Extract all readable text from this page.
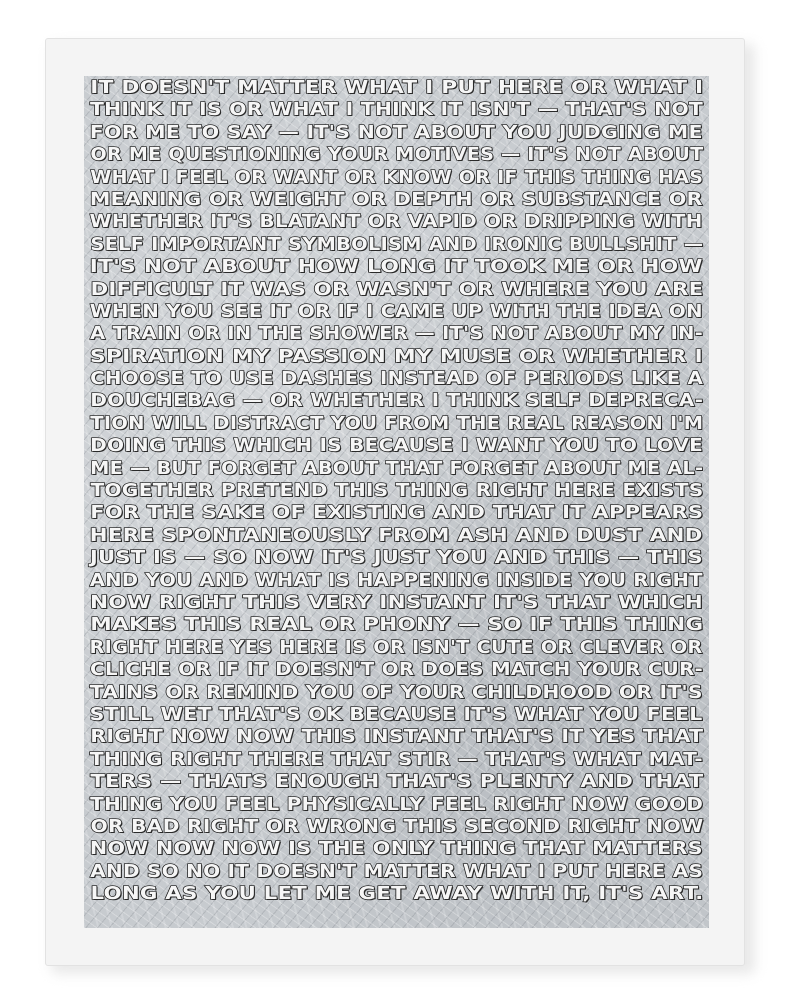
IT DOESN'T MATTER WHAT I PUT HERE OR WHAT I
THINK IT IS OR WHAT I THINK IT ISN'T — THAT'S NOT
FOR ME TO SAY — IT'S NOT ABOUT YOU JUDGING ME
OR ME QUESTIONING YOUR MOTIVES — IT'S NOT ABOUT
WHAT I FEEL OR WANT OR KNOW OR IF THIS THING HAS
MEANING OR WEIGHT OR DEPTH OR SUBSTANCE OR
WHETHER IT'S BLATANT OR VAPID OR DRIPPING WITH
SELF IMPORTANT SYMBOLISM AND IRONIC BULLSHIT —
IT'S NOT ABOUT HOW LONG IT TOOK ME OR HOW
DIFFICULT IT WAS OR WASN'T OR WHERE YOU ARE
WHEN YOU SEE IT OR IF I CAME UP WITH THE IDEA ON
A TRAIN OR IN THE SHOWER — IT'S NOT ABOUT MY IN-
SPIRATION MY PASSION MY MUSE OR WHETHER I
CHOOSE TO USE DASHES INSTEAD OF PERIODS LIKE A
DOUCHEBAG — OR WHETHER I THINK SELF DEPRECA-
TION WILL DISTRACT YOU FROM THE REAL REASON I'M
DOING THIS WHICH IS BECAUSE I WANT YOU TO LOVE
ME — BUT FORGET ABOUT THAT FORGET ABOUT ME AL-
TOGETHER PRETEND THIS THING RIGHT HERE EXISTS
FOR THE SAKE OF EXISTING AND THAT IT APPEARS
HERE SPONTANEOUSLY FROM ASH AND DUST AND
JUST IS — SO NOW IT'S JUST YOU AND THIS — THIS
AND YOU AND WHAT IS HAPPENING INSIDE YOU RIGHT
NOW RIGHT THIS VERY INSTANT IT'S THAT WHICH
MAKES THIS REAL OR PHONY — SO IF THIS THING
RIGHT HERE YES HERE IS OR ISN'T CUTE OR CLEVER OR
CLICHE OR IF IT DOESN'T OR DOES MATCH YOUR CUR-
TAINS OR REMIND YOU OF YOUR CHILDHOOD OR IT'S
STILL WET THAT'S OK BECAUSE IT'S WHAT YOU FEEL
RIGHT NOW NOW THIS INSTANT THAT'S IT YES THAT
THING RIGHT THERE THAT STIR — THAT'S WHAT MAT-
TERS — THATS ENOUGH THAT'S PLENTY AND THAT
THING YOU FEEL PHYSICALLY FEEL RIGHT NOW GOOD
OR BAD RIGHT OR WRONG THIS SECOND RIGHT NOW
NOW NOW NOW IS THE ONLY THING THAT MATTERS
AND SO NO IT DOESN'T MATTER WHAT I PUT HERE AS
LONG AS YOU LET ME GET AWAY WITH IT, IT'S ART.
